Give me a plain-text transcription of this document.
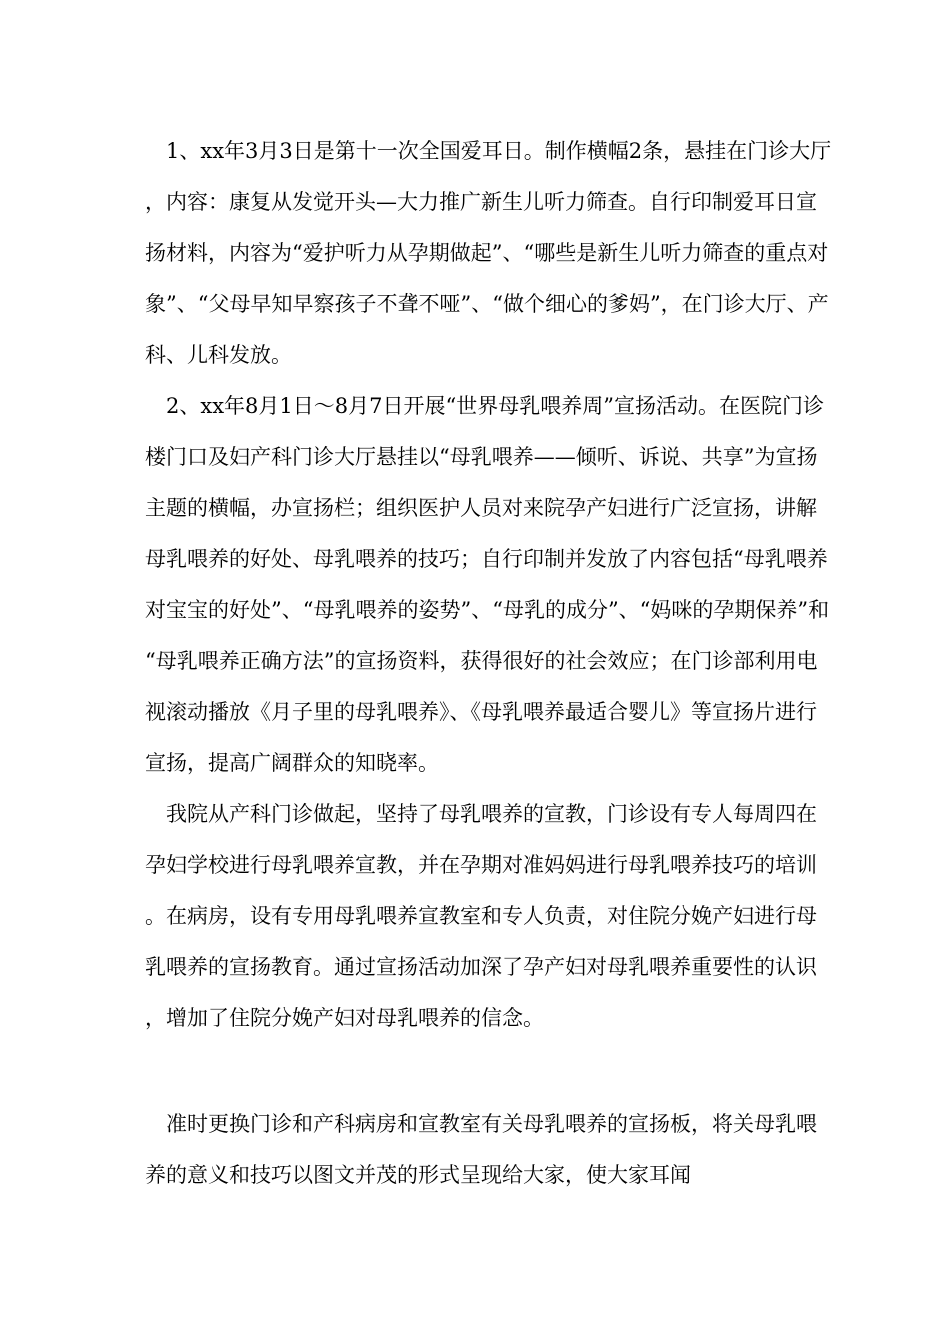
1、xx年3月3日是第十一次全国爱耳日。制作横幅2条，悬挂在门诊大厅，内容：康复从发觉开头—大力推广新生儿听力筛查。自行印制爱耳日宣扬材料，内容为“爱护听力从孕期做起”、“哪些是新生儿听力筛查的重点对象”、“父母早知早察孩子不聋不哑”、“做个细心的爹妈”，在门诊大厅、产科、儿科发放。

2、xx年8月1日～8月7日开展“世界母乳喂养周”宣扬活动。在医院门诊楼门口及妇产科门诊大厅悬挂以“母乳喂养——倾听、诉说、共享”为宣扬主题的横幅，办宣扬栏；组织医护人员对来院孕产妇进行广泛宣扬，讲解母乳喂养的好处、母乳喂养的技巧；自行印制并发放了内容包括“母乳喂养对宝宝的好处”、“母乳喂养的姿势”、“母乳的成分”、“妈咪的孕期保养”和“母乳喂养正确方法”的宣扬资料，获得很好的社会效应；在门诊部利用电视滚动播放《月子里的母乳喂养》、《母乳喂养最适合婴儿》等宣扬片进行宣扬，提高广阔群众的知晓率。

我院从产科门诊做起，坚持了母乳喂养的宣教，门诊设有专人每周四在孕妇学校进行母乳喂养宣教，并在孕期对准妈妈进行母乳喂养技巧的培训。在病房，设有专用母乳喂养宣教室和专人负责，对住院分娩产妇进行母乳喂养的宣扬教育。通过宣扬活动加深了孕产妇对母乳喂养重要性的认识，增加了住院分娩产妇对母乳喂养的信念。

准时更换门诊和产科病房和宣教室有关母乳喂养的宣扬板，将关母乳喂养的意义和技巧以图文并茂的形式呈现给大家，使大家耳闻
